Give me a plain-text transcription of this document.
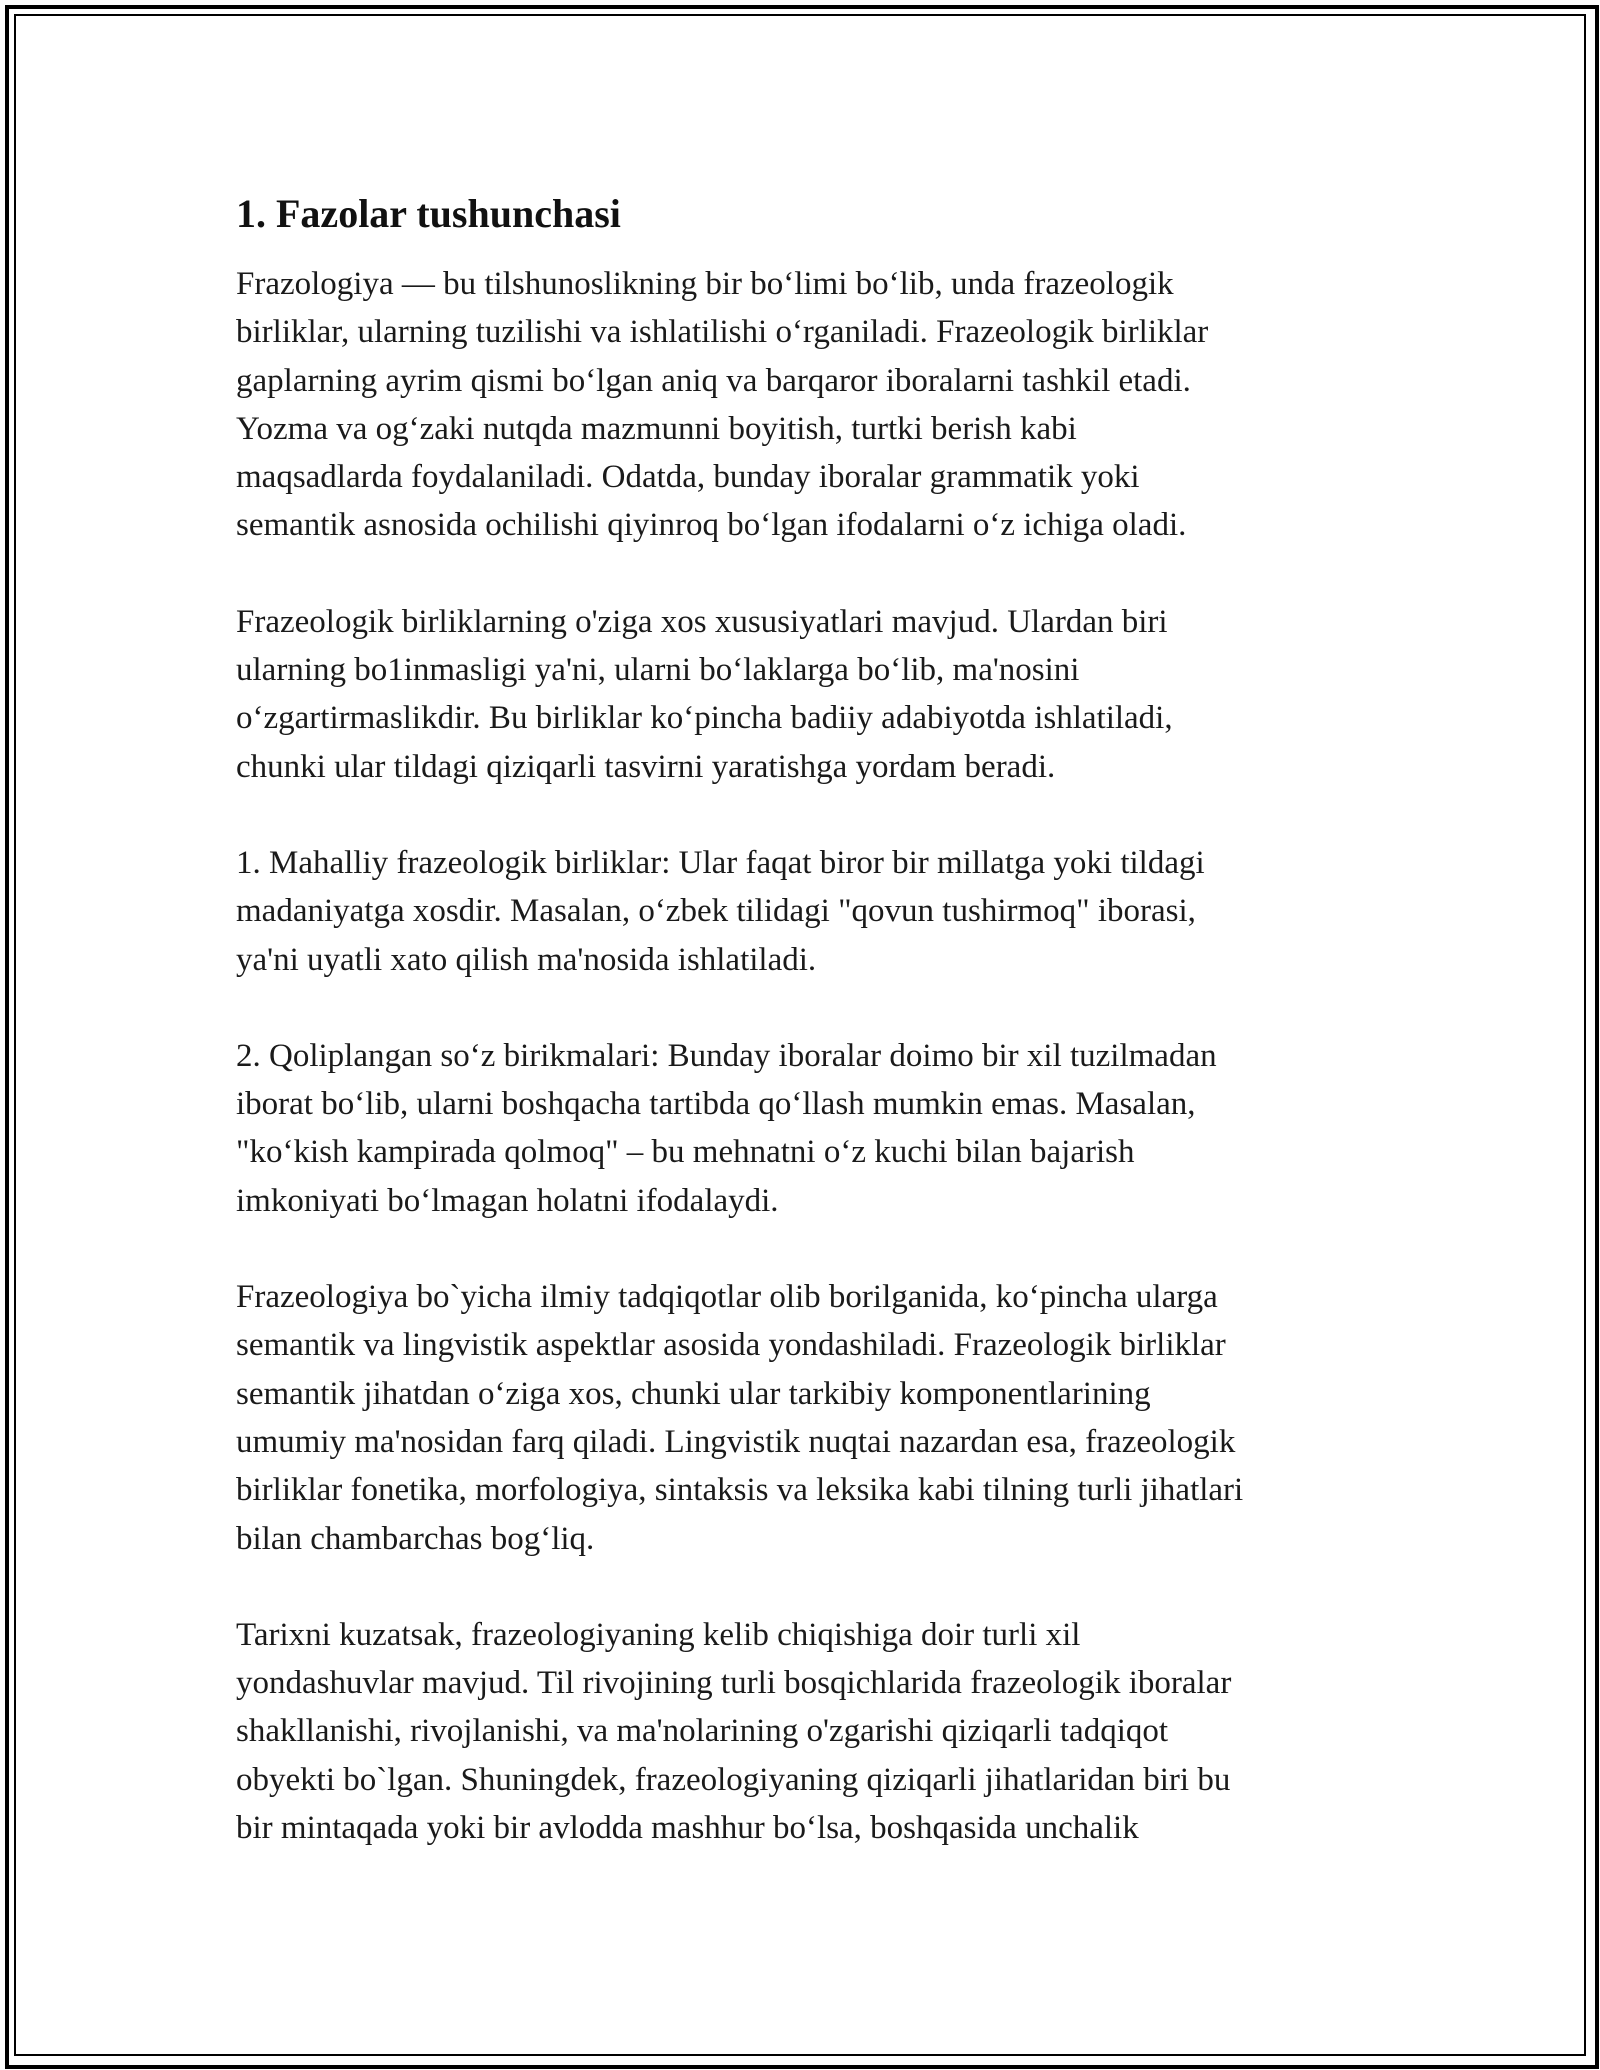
1. Fazolar tushunchasi

Frazologiya — bu tilshunoslikning bir bo‘limi bo‘lib, unda frazeologik
birliklar, ularning tuzilishi va ishlatilishi o‘rganiladi. Frazeologik birliklar
gaplarning ayrim qismi bo‘lgan aniq va barqaror iboralarni tashkil etadi.
Yozma va og‘zaki nutqda mazmunni boyitish, turtki berish kabi
maqsadlarda foydalaniladi. Odatda, bunday iboralar grammatik yoki
semantik asnosida ochilishi qiyinroq bo‘lgan ifodalarni o‘z ichiga oladi.

Frazeologik birliklarning o'ziga xos xususiyatlari mavjud. Ulardan biri
ularning bo1inmasligi ya'ni, ularni bo‘laklarga bo‘lib, ma'nosini
o‘zgartirmaslikdir. Bu birliklar ko‘pincha badiiy adabiyotda ishlatiladi,
chunki ular tildagi qiziqarli tasvirni yaratishga yordam beradi.

1. Mahalliy frazeologik birliklar: Ular faqat biror bir millatga yoki tildagi
madaniyatga xosdir. Masalan, o‘zbek tilidagi "qovun tushirmoq" iborasi,
ya'ni uyatli xato qilish ma'nosida ishlatiladi.

2. Qoliplangan so‘z birikmalari: Bunday iboralar doimo bir xil tuzilmadan
iborat bo‘lib, ularni boshqacha tartibda qo‘llash mumkin emas. Masalan,
"ko‘kish kampirada qolmoq" – bu mehnatni o‘z kuchi bilan bajarish
imkoniyati bo‘lmagan holatni ifodalaydi.

Frazeologiya bo`yicha ilmiy tadqiqotlar olib borilganida, ko‘pincha ularga
semantik va lingvistik aspektlar asosida yondashiladi. Frazeologik birliklar
semantik jihatdan o‘ziga xos, chunki ular tarkibiy komponentlarining
umumiy ma'nosidan farq qiladi. Lingvistik nuqtai nazardan esa, frazeologik
birliklar fonetika, morfologiya, sintaksis va leksika kabi tilning turli jihatlari
bilan chambarchas bog‘liq.

Tarixni kuzatsak, frazeologiyaning kelib chiqishiga doir turli xil
yondashuvlar mavjud. Til rivojining turli bosqichlarida frazeologik iboralar
shakllanishi, rivojlanishi, va ma'nolarining o'zgarishi qiziqarli tadqiqot
obyekti bo`lgan. Shuningdek, frazeologiyaning qiziqarli jihatlaridan biri bu
bir mintaqada yoki bir avlodda mashhur bo‘lsa, boshqasida unchalik
